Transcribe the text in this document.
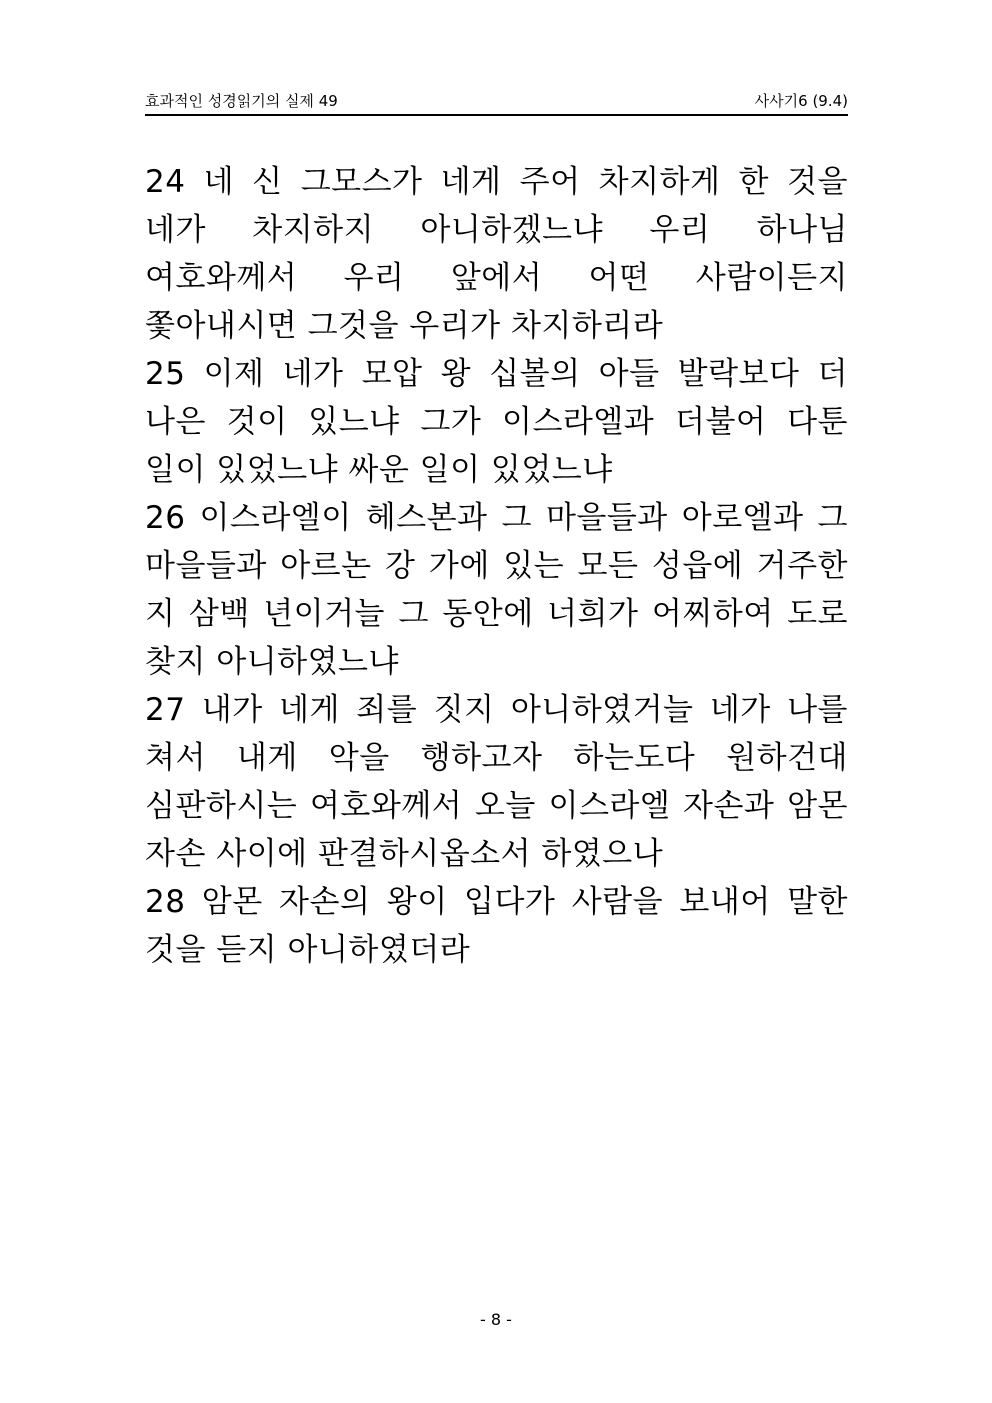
효과적인 성경읽기의 실제 49	사사기6 (9.4)

24 네 신 그모스가 네게 주어 차지하게 한 것을 네가 차지하지 아니하겠느냐 우리 하나님 여호와께서 우리 앞에서 어떤 사람이든지 쫓아내시면 그것을 우리가 차지하리라

25 이제 네가 모압 왕 십볼의 아들 발락보다 더 나은 것이 있느냐 그가 이스라엘과 더불어 다툰 일이 있었느냐 싸운 일이 있었느냐

26 이스라엘이 헤스본과 그 마을들과 아로엘과 그 마을들과 아르논 강 가에 있는 모든 성읍에 거주한 지 삼백 년이거늘 그 동안에 너희가 어찌하여 도로 찾지 아니하였느냐

27 내가 네게 죄를 짓지 아니하였거늘 네가 나를 쳐서 내게 악을 행하고자 하는도다 원하건대 심판하시는 여호와께서 오늘 이스라엘 자손과 암몬 자손 사이에 판결하시옵소서 하였으나

28 암몬 자손의 왕이 입다가 사람을 보내어 말한 것을 듣지 아니하였더라

- 8 -
